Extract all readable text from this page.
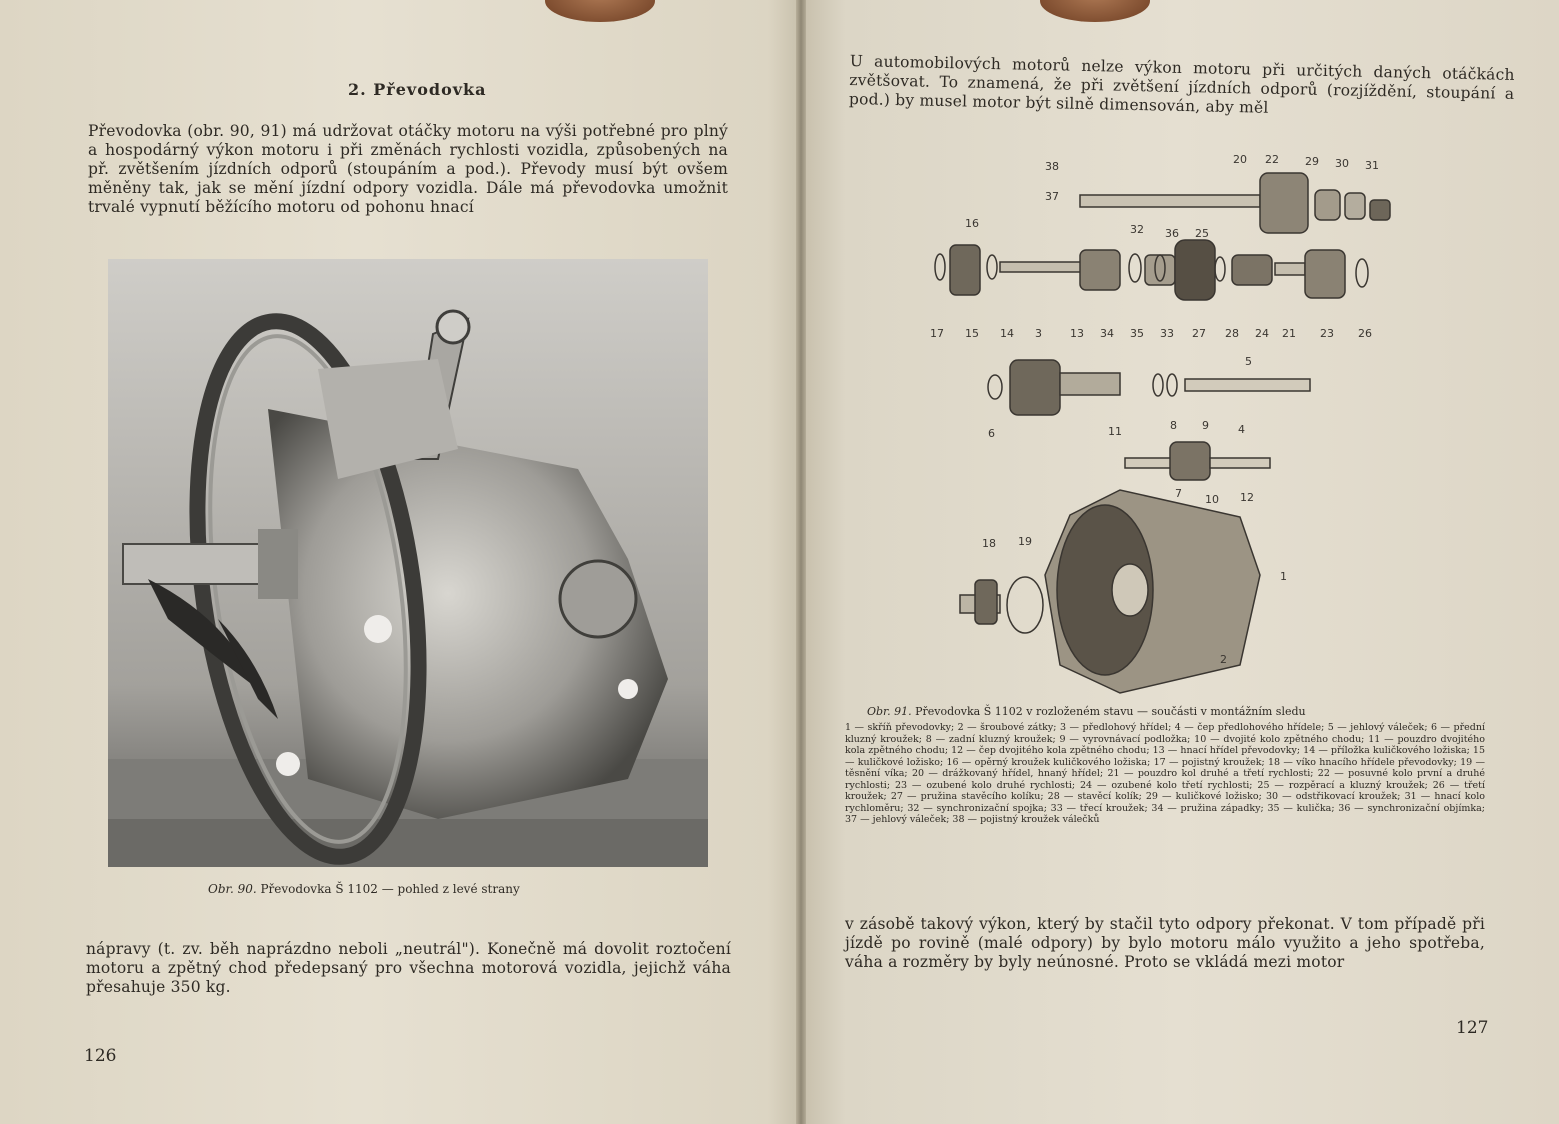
2. Převodovka

Převodovka (obr. 90, 91) má udržovat otáčky motoru na výši potřebné pro plný a hospodárný výkon motoru i při změnách rychlosti vozidla, způsobených na př. zvětšením jízdních odporů (stoupáním a pod.). Převody musí být ovšem měněny tak, jak se mění jízdní odpory vozidla. Dále má převodovka umožnit trvalé vypnutí běžícího motoru od pohonu hnací

Obr. 90. Převodovka Š 1102 — pohled z levé strany

nápravy (t. zv. běh naprázdno neboli „neutrál"). Konečně má dovolit roztočení motoru a zpětný chod předepsaný pro všechna motorová vozidla, jejichž váha přesahuje 350 kg.

126

U automobilových motorů nelze výkon motoru při určitých daných otáčkách zvětšovat. To znamená, že při zvětšení jízdních odporů (rozjíždění, stoupání a pod.) by musel motor být silně dimensován, aby měl

Obr. 91. Převodovka Š 1102 v rozloženém stavu — součásti v montážním sledu
1 — skříň převodovky; 2 — šroubové zátky; 3 — předlohový hřídel; 4 — čep předlohového hřídele; 5 — jehlový váleček; 6 — přední kluzný kroužek; 8 — zadní kluzný kroužek; 9 — vyrovnávací podložka; 10 — dvojité kolo zpětného chodu; 11 — pouzdro dvojitého kola zpětného chodu; 12 — čep dvojitého kola zpětného chodu; 13 — hnací hřídel převodovky; 14 — příložka kuličkového ložiska; 15 — kuličkové ložisko; 16 — opěrný kroužek kuličkového ložiska; 17 — pojistný kroužek; 18 — víko hnacího hřídele převodovky; 19 — těsnění víka; 20 — drážkovaný hřídel, hnaný hřídel; 21 — pouzdro kol druhé a třetí rychlosti; 22 — posuvné kolo první a druhé rychlosti; 23 — ozubené kolo druhé rychlosti; 24 — ozubené kolo třetí rychlosti; 25 — rozpěrací a kluzný kroužek; 26 — třetí kroužek; 27 — pružina stavěcího kolíku; 28 — stavěcí kolík; 29 — kuličkové ložisko; 30 — odstřikovací kroužek; 31 — hnací kolo rychloměru; 32 — synchronizační spojka; 33 — třecí kroužek; 34 — pružina západky; 35 — kulička; 36 — synchronizační objímka; 37 — jehlový váleček; 38 — pojistný kroužek válečků

v zásobě takový výkon, který by stačil tyto odpory překonat. V tom případě při jízdě po rovině (malé odpory) by bylo motoru málo využito a jeho spotřeba, váha a rozměry by byly neúnosné. Proto se vkládá mezi motor

127
38
37
20 22 29 30 31
16	32 36 25
17 15 14	13 34 35 33 27 28 24 21 23 26
3
5
6
8 9	4
11
7 10 12
18 19
1
2
